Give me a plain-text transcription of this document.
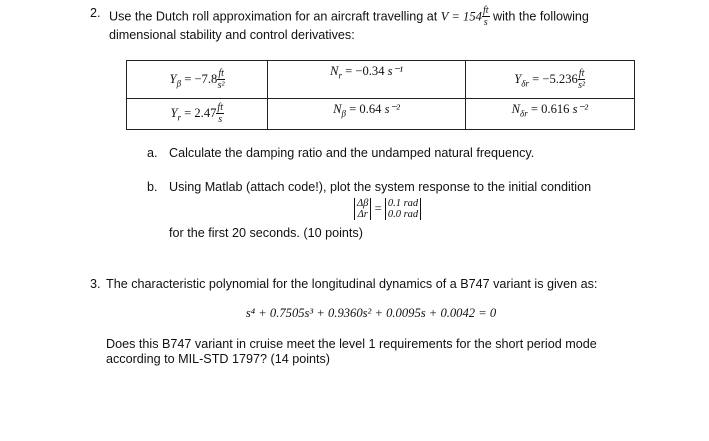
2. Use the Dutch roll approximation for an aircraft travelling at $V = 154 \frac{ft}{s}$ with the following
dimensional stability and control derivatives:
$Y_\beta = -7.8 \frac{ft}{\text{s²}}$	$N_r = -0.34$ s⁻¹	$Y_{\delta r} = -5.236 \frac{ft}{\text{s²}}$

$Y_r = 2.47 \frac{ft}{s}$	$N_\beta = 0.64$ s⁻²	$N_{\delta r} = 0.616$ s⁻²
a. Calculate the damping ratio and the undamped natural frequency.
b. Using Matlab (attach code!), plot the system response to the initial condition
Δβ
Δr = 0.1 rad
0.0 rad
for the first 20 seconds. (10 points)
3. The characteristic polynomial for the longitudinal dynamics of a B747 variant is given as:
s⁴ + 0.7505s³ + 0.9360s² + 0.0095s + 0.0042 = 0
Does this B747 variant in cruise meet the level 1 requirements for the short period mode
according to MIL-STD 1797? (14 points)
